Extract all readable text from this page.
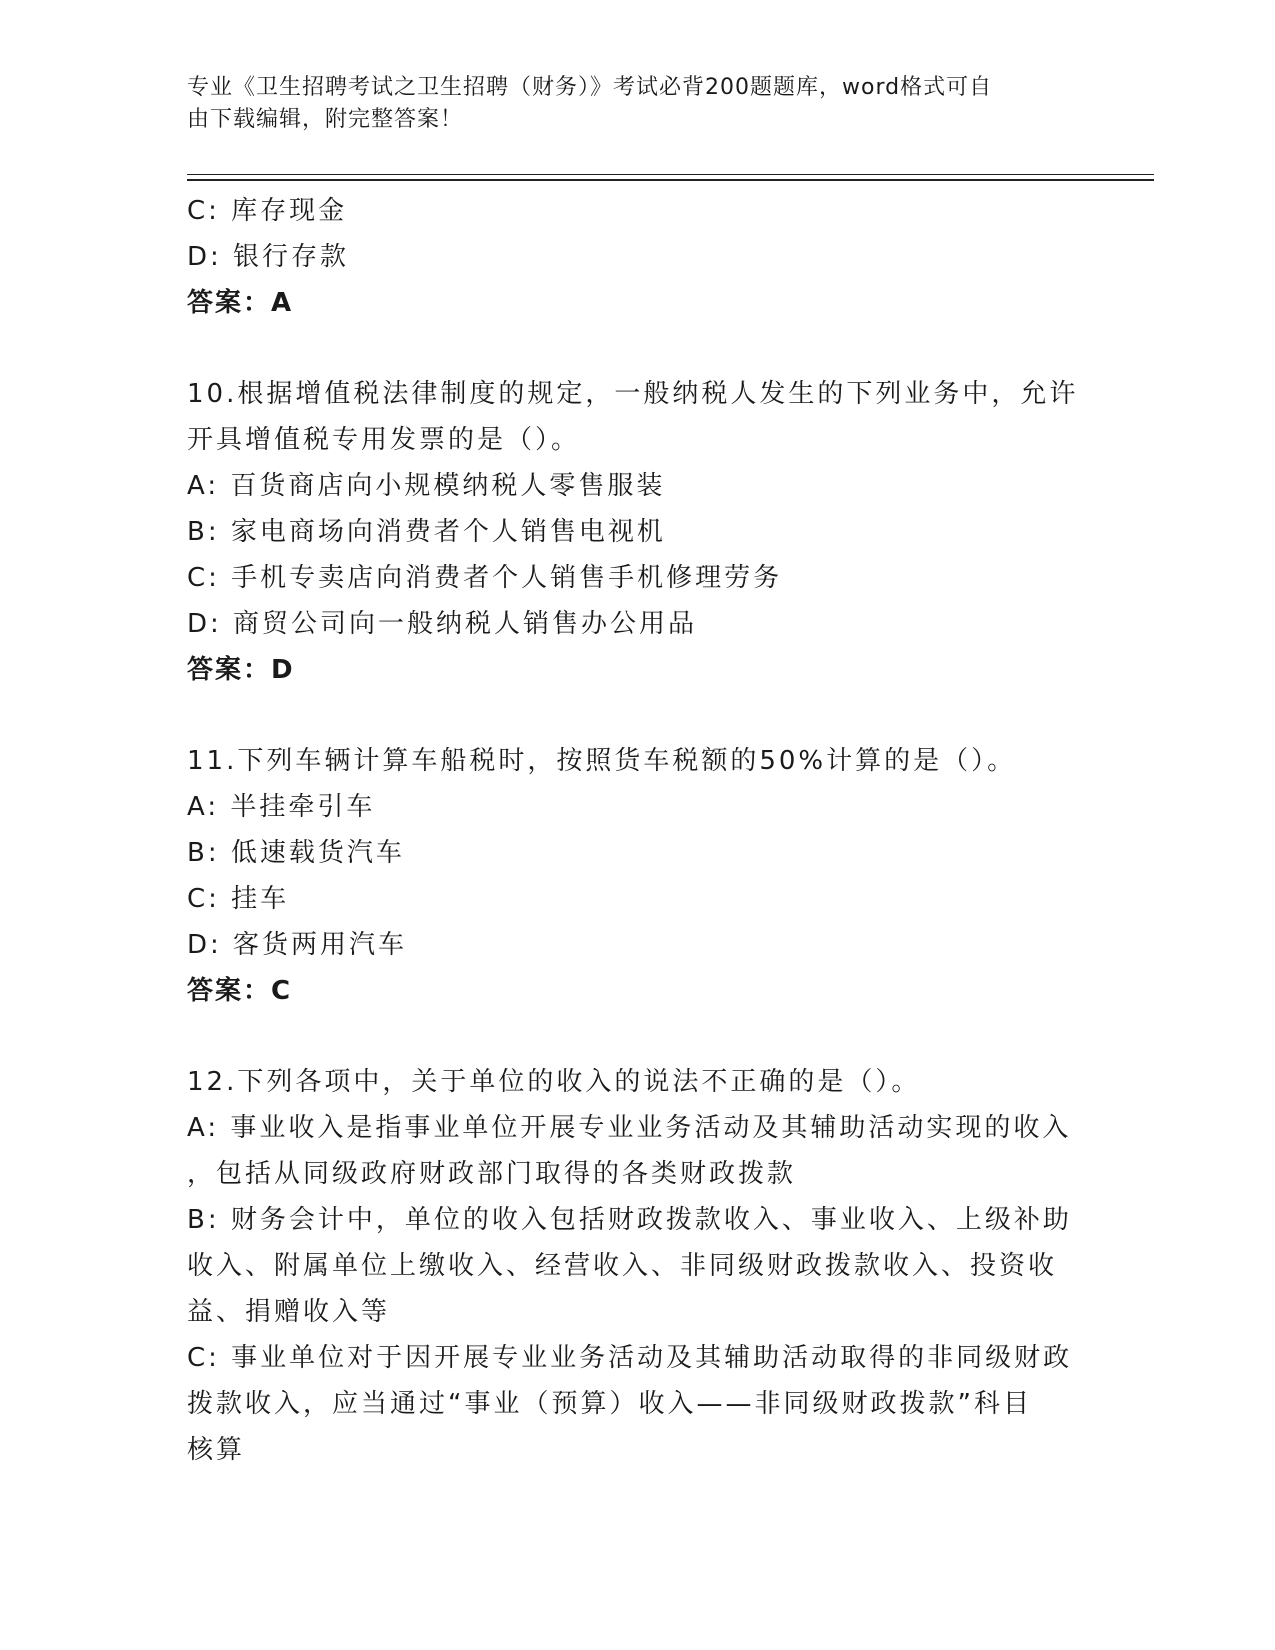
专业《卫生招聘考试之卫生招聘（财务）》考试必背200题题库，word格式可自
由下载编辑，附完整答案！
C: 库存现金
D: 银行存款
答案：A
10.根据增值税法律制度的规定，一般纳税人发生的下列业务中，允许
开具增值税专用发票的是（）。
A: 百货商店向小规模纳税人零售服装
B: 家电商场向消费者个人销售电视机
C: 手机专卖店向消费者个人销售手机修理劳务
D: 商贸公司向一般纳税人销售办公用品
答案：D
11.下列车辆计算车船税时，按照货车税额的50%计算的是（）。
A: 半挂牵引车
B: 低速载货汽车
C: 挂车
D: 客货两用汽车
答案：C
12.下列各项中，关于单位的收入的说法不正确的是（）。
A: 事业收入是指事业单位开展专业业务活动及其辅助活动实现的收入
，包括从同级政府财政部门取得的各类财政拨款
B: 财务会计中，单位的收入包括财政拨款收入、事业收入、上级补助
收入、附属单位上缴收入、经营收入、非同级财政拨款收入、投资收
益、捐赠收入等
C: 事业单位对于因开展专业业务活动及其辅助活动取得的非同级财政
拨款收入，应当通过“事业（预算）收入——非同级财政拨款”科目
核算
